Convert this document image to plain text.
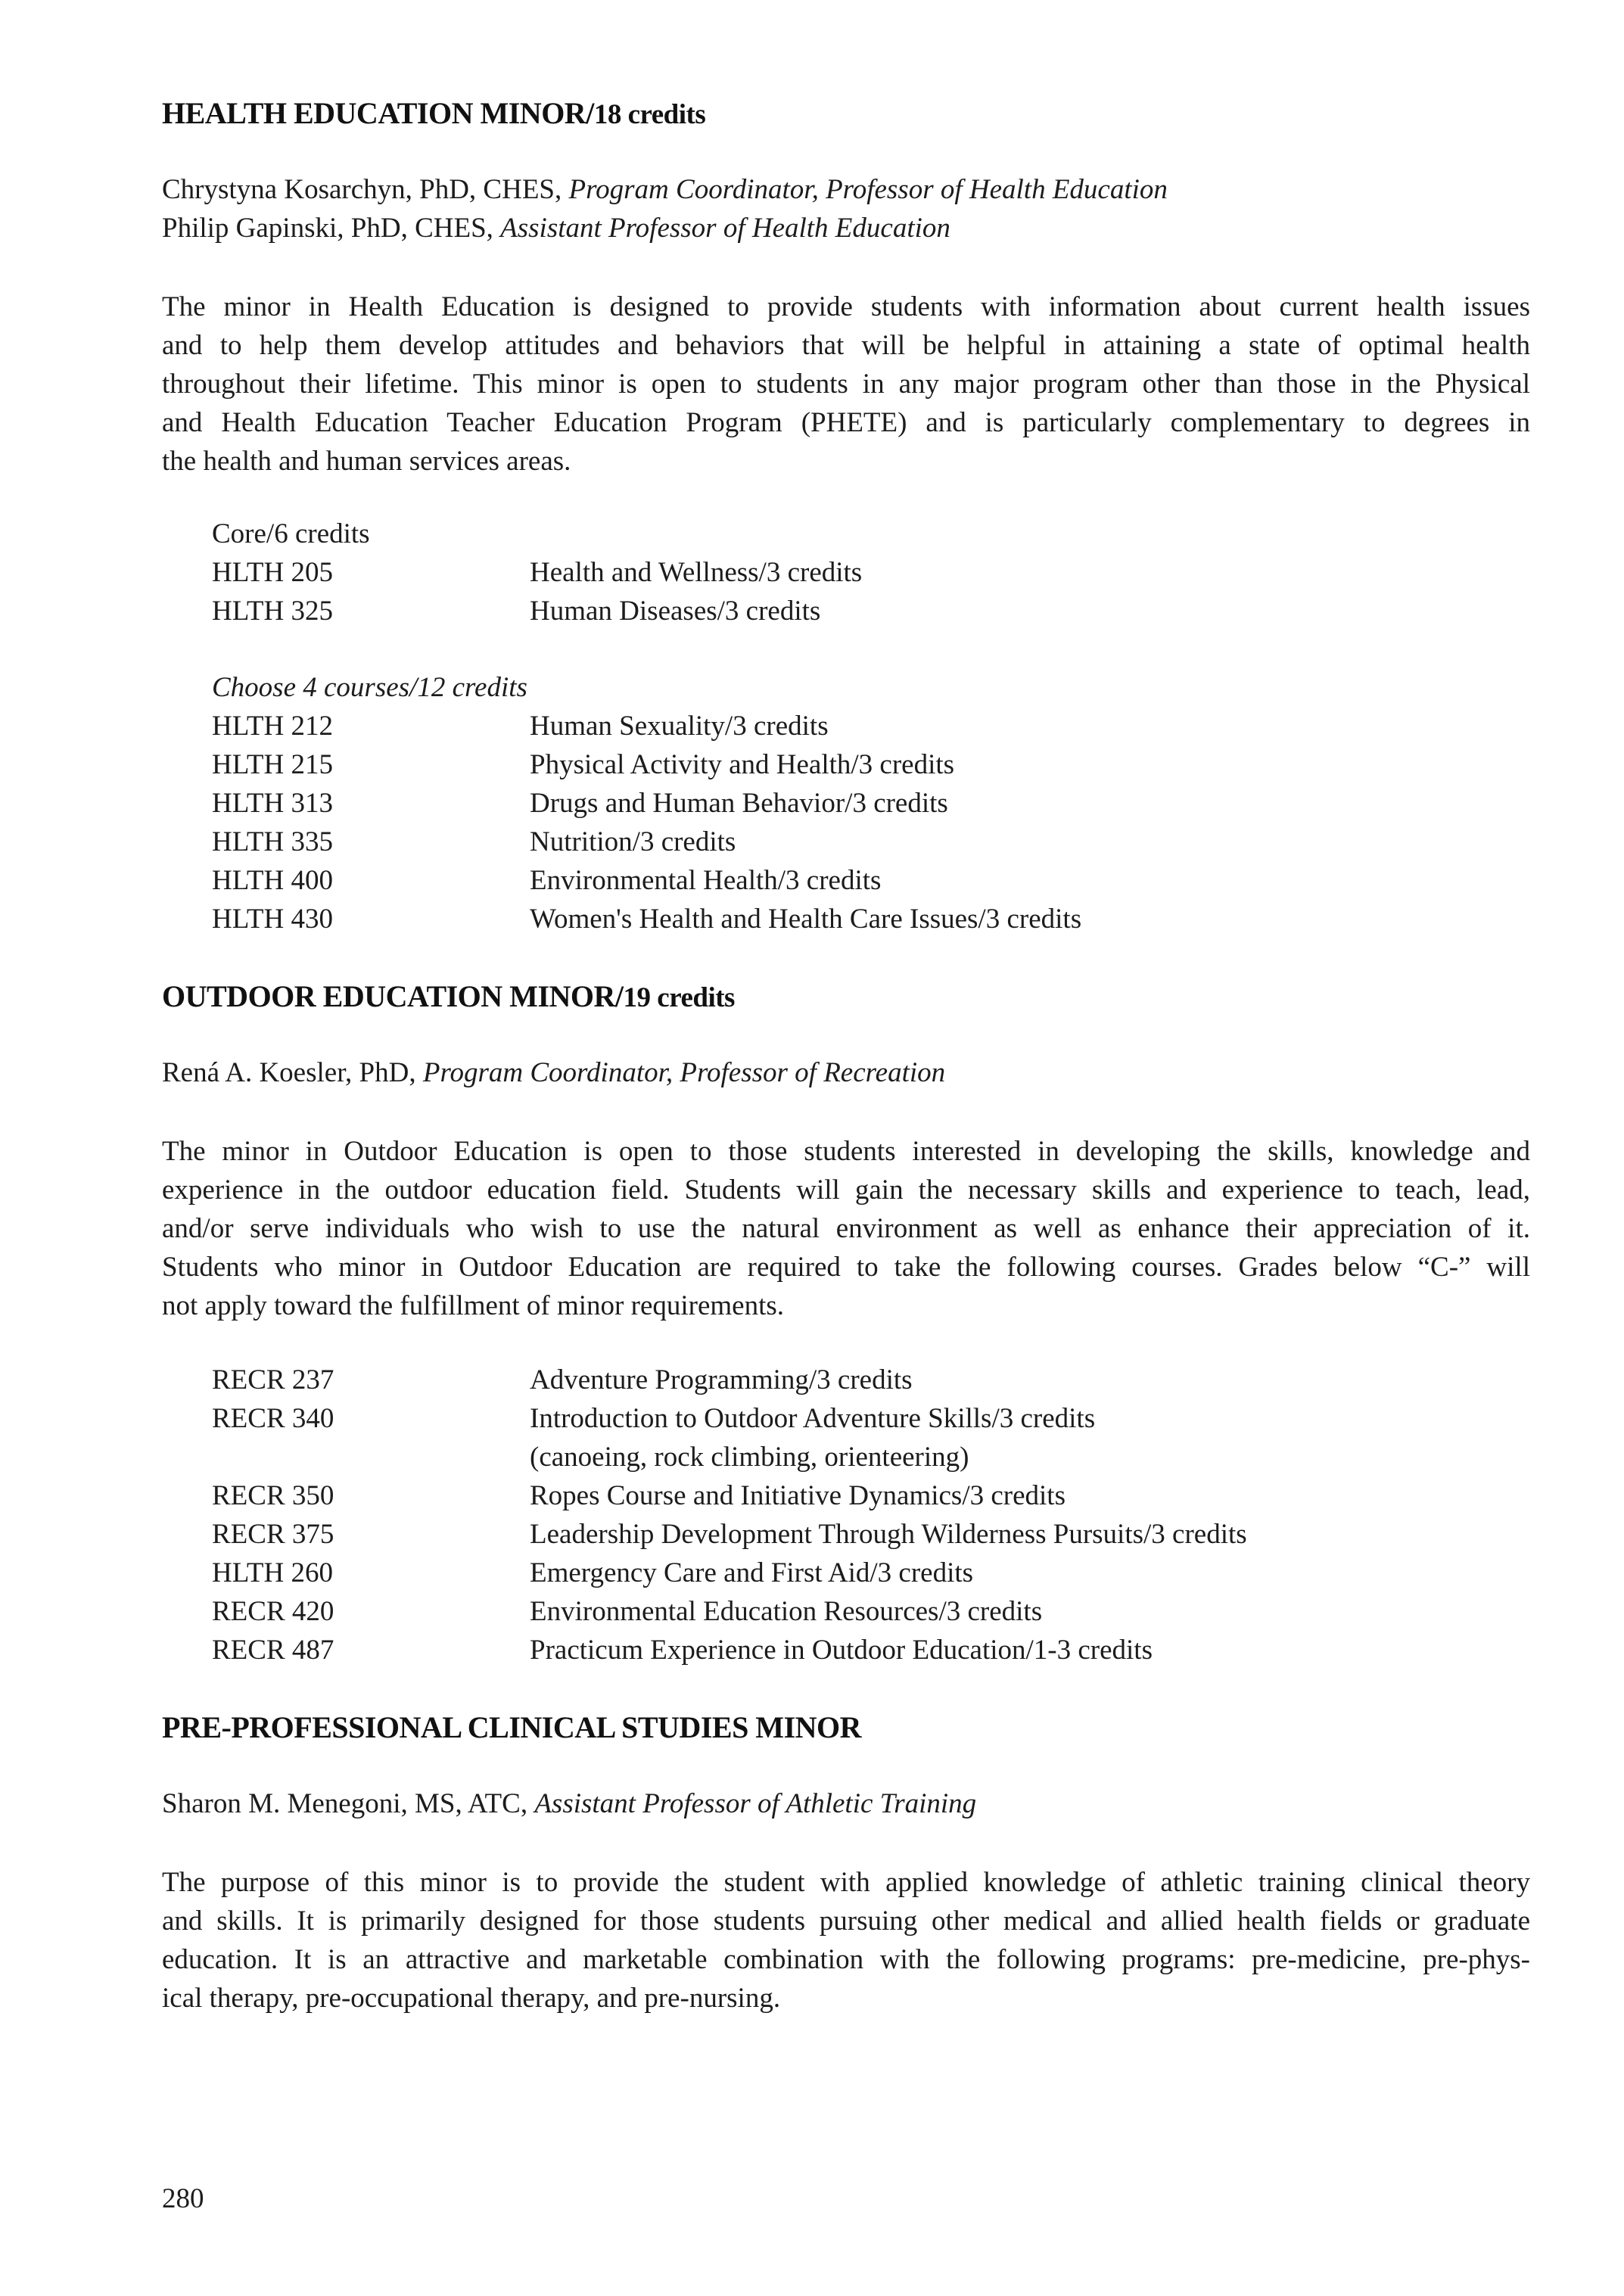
HEALTH EDUCATION MINOR/18 credits
Chrystyna Kosarchyn, PhD, CHES, Program Coordinator, Professor of Health Education
Philip Gapinski, PhD, CHES, Assistant Professor of Health Education
The minor in Health Education is designed to provide students with information about current health issues
and to help them develop attitudes and behaviors that will be helpful in attaining a state of optimal health
throughout their lifetime. This minor is open to students in any major program other than those in the Physical
and Health Education Teacher Education Program (PHETE) and is particularly complementary to degrees in
the health and human services areas.
Core/6 credits
HLTH 205	Health and Wellness/3 credits
HLTH 325	Human Diseases/3 credits
Choose 4 courses/12 credits
HLTH 212	Human Sexuality/3 credits
HLTH 215	Physical Activity and Health/3 credits
HLTH 313	Drugs and Human Behavior/3 credits
HLTH 335	Nutrition/3 credits
HLTH 400	Environmental Health/3 credits
HLTH 430	Women's Health and Health Care Issues/3 credits
OUTDOOR EDUCATION MINOR/19 credits
Rená A. Koesler, PhD, Program Coordinator, Professor of Recreation
The minor in Outdoor Education is open to those students interested in developing the skills, knowledge and
experience in the outdoor education field. Students will gain the necessary skills and experience to teach, lead,
and/or serve individuals who wish to use the natural environment as well as enhance their appreciation of it.
Students who minor in Outdoor Education are required to take the following courses. Grades below “C-” will
not apply toward the fulfillment of minor requirements.
RECR 237	Adventure Programming/3 credits
RECR 340	Introduction to Outdoor Adventure Skills/3 credits
(canoeing, rock climbing, orienteering)
RECR 350	Ropes Course and Initiative Dynamics/3 credits
RECR 375	Leadership Development Through Wilderness Pursuits/3 credits
HLTH 260	Emergency Care and First Aid/3 credits
RECR 420	Environmental Education Resources/3 credits
RECR 487	Practicum Experience in Outdoor Education/1-3 credits
PRE-PROFESSIONAL CLINICAL STUDIES MINOR
Sharon M. Menegoni, MS, ATC, Assistant Professor of Athletic Training
The purpose of this minor is to provide the student with applied knowledge of athletic training clinical theory
and skills. It is primarily designed for those students pursuing other medical and allied health fields or graduate
education. It is an attractive and marketable combination with the following programs: pre-medicine, pre-phys-
ical therapy, pre-occupational therapy, and pre-nursing.
280
